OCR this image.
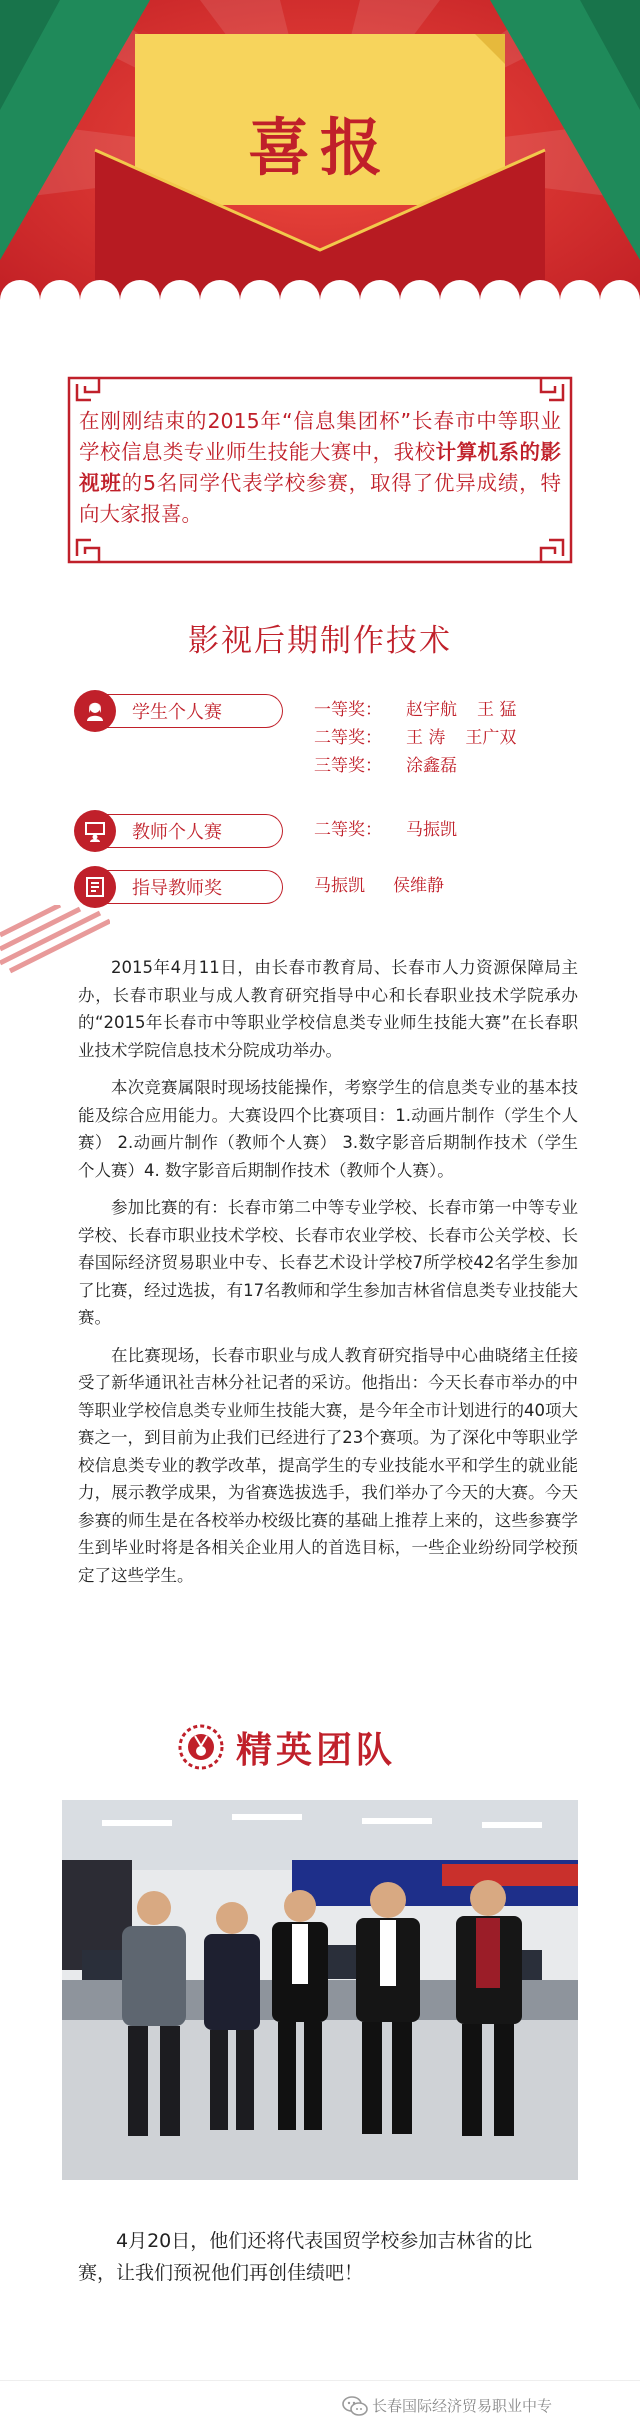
喜报
在刚刚结束的2015年“信息集团杯”长春市中等职业学校信息类专业师生技能大赛中，我校计算机系的影视班的5名同学代表学校参赛，取得了优异成绩，特向大家报喜。
影视后期制作技术
学生个人赛	一等奖： 赵宇航 王 猛
二等奖： 王 涛 王广双
三等奖： 涂鑫磊
教师个人赛	二等奖： 马振凯
指导教师奖	马振凯 侯维静

2015年4月11日，由长春市教育局、长春市人力资源保障局主办，长春市职业与成人教育研究指导中心和长春职业技术学院承办的“2015年长春市中等职业学校信息类专业师生技能大赛”在长春职业技术学院信息技术分院成功举办。

本次竞赛属限时现场技能操作，考察学生的信息类专业的基本技能及综合应用能力。大赛设四个比赛项目：1.动画片制作（学生个人赛） 2.动画片制作（教师个人赛） 3.数字影音后期制作技术（学生个人赛）4. 数字影音后期制作技术（教师个人赛）。

参加比赛的有：长春市第二中等专业学校、长春市第一中等专业学校、长春市职业技术学校、长春市农业学校、长春市公关学校、长春国际经济贸易职业中专、长春艺术设计学校7所学校42名学生参加了比赛，经过选拔，有17名教师和学生参加吉林省信息类专业技能大赛。

在比赛现场，长春市职业与成人教育研究指导中心曲晓绪主任接受了新华通讯社吉林分社记者的采访。他指出：今天长春市举办的中等职业学校信息类专业师生技能大赛，是今年全市计划进行的40项大赛之一，到目前为止我们已经进行了23个赛项。为了深化中等职业学校信息类专业的教学改革，提高学生的专业技能水平和学生的就业能力，展示教学成果，为省赛选拔选手，我们举办了今天的大赛。今天参赛的师生是在各校举办校级比赛的基础上推荐上来的，这些参赛学生到毕业时将是各相关企业用人的首选目标，一些企业纷纷同学校预定了这些学生。

精英团队
4月20日，他们还将代表国贸学校参加吉林省的比赛，让我们预祝他们再创佳绩吧！
长春国际经济贸易职业中专
